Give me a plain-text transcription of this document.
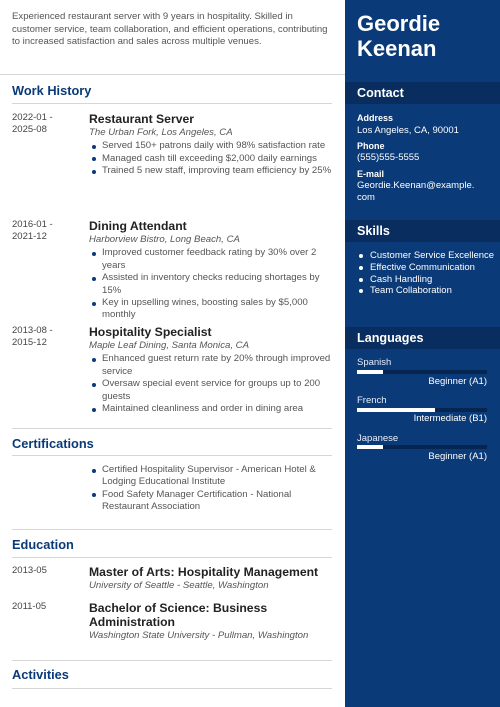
Experienced restaurant server with 9 years in hospitality. Skilled in customer service, team collaboration, and efficient operations, contributing to increased satisfaction and sales across multiple venues.

Work History
2022-01 -
2025-08
Restaurant Server
The Urban Fork, Los Angeles, CA
Served 150+ patrons daily with 98% satisfaction rate
Managed cash till exceeding $2,000 daily earnings
Trained 5 new staff, improving team efficiency by 25%
2016-01 -
2021-12
Dining Attendant
Harborview Bistro, Long Beach, CA
Improved customer feedback rating by 30% over 2 years
Assisted in inventory checks reducing shortages by 15%
Key in upselling wines, boosting sales by $5,000 monthly
2013-08 -
2015-12
Hospitality Specialist
Maple Leaf Dining, Santa Monica, CA
Enhanced guest return rate by 20% through improved service
Oversaw special event service for groups up to 200 guests
Maintained cleanliness and order in dining area
Certifications
Certified Hospitality Supervisor - American Hotel & Lodging Educational Institute
Food Safety Manager Certification - National Restaurant Association
Education
2013-05	Master of Arts: Hospitality Management
University of Seattle - Seattle, Washington
2011-05	Bachelor of Science: Business Administration
Washington State University - Pullman, Washington
Activities
Geordie
Keenan
Contact
Address
Los Angeles, CA, 90001
Phone
(555)555-5555
E-mail
Geordie.Keenan@example.
com
Skills
Customer Service Excellence
Effective Communication
Cash Handling
Team Collaboration
Languages
Spanish
Beginner (A1)
French
Intermediate (B1)
Japanese
Beginner (A1)
